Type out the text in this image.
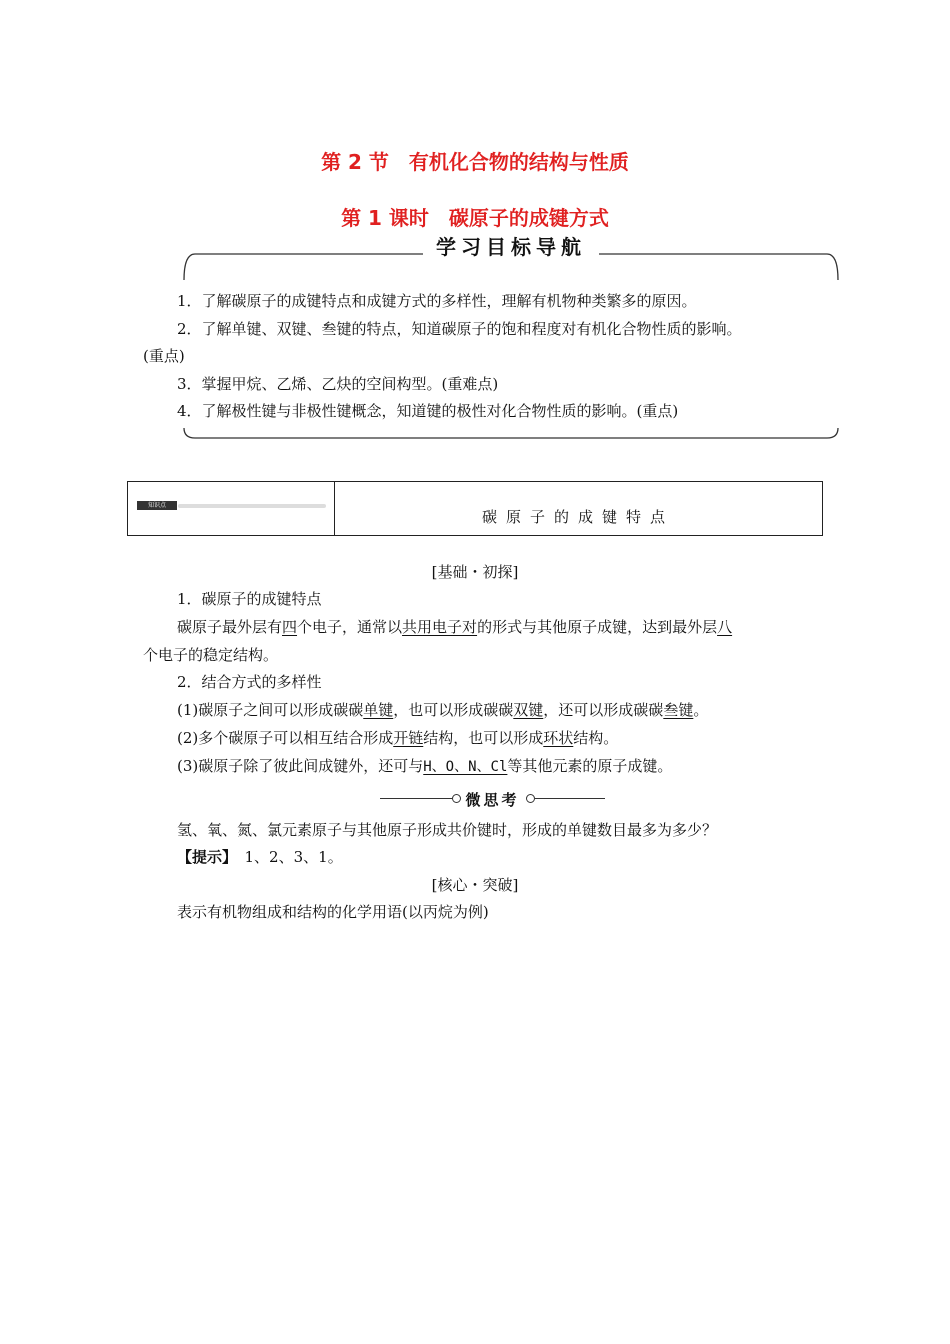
第 2 节　有机化合物的结构与性质
第 1 课时　碳原子的成键方式
学习目标导航
1．了解碳原子的成键特点和成键方式的多样性，理解有机物种类繁多的原因。
2．了解单键、双键、叁键的特点，知道碳原子的饱和程度对有机化合物性质的影响。
(重点)
3．掌握甲烷、乙烯、乙炔的空间构型。(重难点)
4．了解极性键与非极性键概念，知道键的极性对化合物性质的影响。(重点)
知识点
碳原子的成键特点
[基础・初探]
1．碳原子的成键特点
碳原子最外层有四个电子，通常以共用电子对的形式与其他原子成键，达到最外层八
个电子的稳定结构。
2．结合方式的多样性
(1)碳原子之间可以形成碳碳单键，也可以形成碳碳双键，还可以形成碳碳叁键。
(2)多个碳原子可以相互结合形成开链结构，也可以形成环状结构。
(3)碳原子除了彼此间成键外，还可与H、O、N、Cl等其他元素的原子成键。
微思考
氢、氧、氮、氯元素原子与其他原子形成共价键时，形成的单键数目最多为多少？
【提示】　1、2、3、1。
[核心・突破]
表示有机物组成和结构的化学用语(以丙烷为例)
